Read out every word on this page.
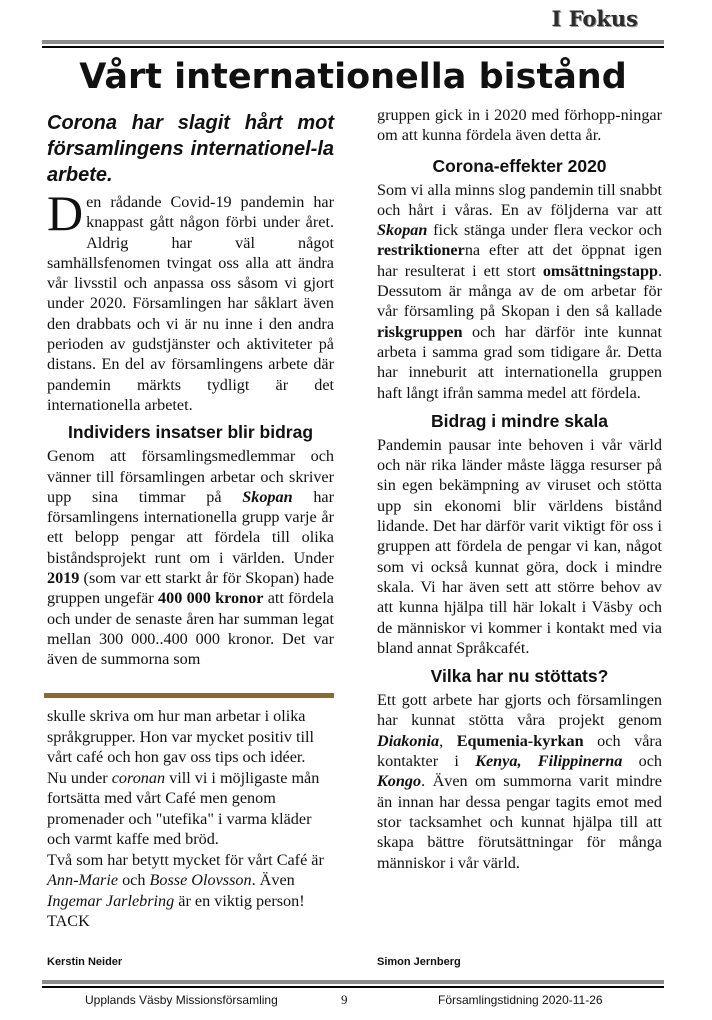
I Fokus
Vårt internationella bistånd

Corona har slagit hårt mot församlingens internationel-la arbete.

Den rådande Covid-19 pandemin har knappast gått någon förbi under året. Aldrig har väl något samhällsfenomen tvingat oss alla att ändra vår livsstil och anpassa oss såsom vi gjort under 2020. Församlingen har såklart även den drabbats och vi är nu inne i den andra perioden av gudstjänster och aktiviteter på distans. En del av församlingens arbete där pandemin märkts tydligt är det internationella arbetet.

Individers insatser blir bidrag

Genom att församlingsmedlemmar och vänner till församlingen arbetar och skriver upp sina timmar på Skopan har församlingens internationella grupp varje år ett belopp pengar att fördela till olika biståndsprojekt runt om i världen. Under 2019 (som var ett starkt år för Skopan) hade gruppen ungefär 400 000 kronor att fördela och under de senaste åren har summan legat mellan 300 000..400 000 kronor. Det var även de summorna som

skulle skriva om hur man arbetar i olika språkgrupper. Hon var mycket positiv till vårt café och hon gav oss tips och idéer.

Nu under coronan vill vi i möjligaste mån fortsätta med vårt Café men genom promenader och "utefika" i varma kläder och varmt kaffe med bröd.

Två som har betytt mycket för vårt Café är Ann-Marie och Bosse Olovsson. Även Ingemar Jarlebring är en viktig person!

TACK

Kerstin Neider

gruppen gick in i 2020 med förhopp-ningar om att kunna fördela även detta år.

Corona-effekter 2020

Som vi alla minns slog pandemin till snabbt och hårt i våras. En av följderna var att Skopan fick stänga under flera veckor och restriktionerna efter att det öppnat igen har resulterat i ett stort omsättningstapp. Dessutom är många av de om arbetar för vår församling på Skopan i den så kallade riskgruppen och har därför inte kunnat arbeta i samma grad som tidigare år. Detta har inneburit att internationella gruppen haft långt ifrån samma medel att fördela.

Bidrag i mindre skala

Pandemin pausar inte behoven i vår värld och när rika länder måste lägga resurser på sin egen bekämpning av viruset och stötta upp sin ekonomi blir världens bistånd lidande. Det har därför varit viktigt för oss i gruppen att fördela de pengar vi kan, något som vi också kunnat göra, dock i mindre skala. Vi har även sett att större behov av att kunna hjälpa till här lokalt i Väsby och de människor vi kommer i kontakt med via bland annat Språkcafét.

Vilka har nu stöttats?

Ett gott arbete har gjorts och församlingen har kunnat stötta våra projekt genom Diakonia, Equmenia-kyrkan och våra kontakter i Kenya, Filippinerna och Kongo. Även om summorna varit mindre än innan har dessa pengar tagits emot med stor tacksamhet och kunnat hjälpa till att skapa bättre förutsättningar för många människor i vår värld.

Simon Jernberg
Upplands Väsby Missionsförsamling	9	Församlingstidning 2020-11-26
